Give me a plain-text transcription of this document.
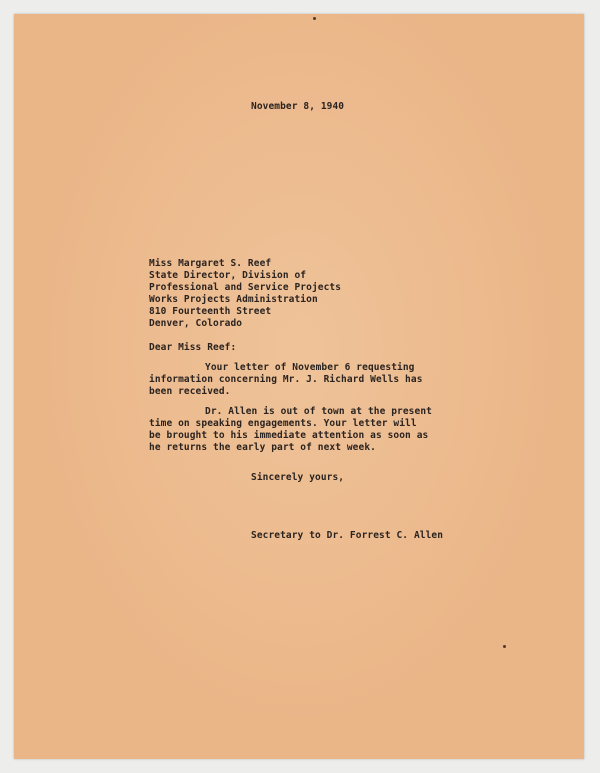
November 8, 1940
Miss Margaret S. Reef
State Director, Division of
Professional and Service Projects
Works Projects Administration
810 Fourteenth Street
Denver, Colorado
Dear Miss Reef:
Your letter of November 6 requesting
information concerning Mr. J. Richard Wells has
been received.
Dr. Allen is out of town at the present
time on speaking engagements. Your letter will
be brought to his immediate attention as soon as
he returns the early part of next week.
Sincerely yours,
Secretary to Dr. Forrest C. Allen
